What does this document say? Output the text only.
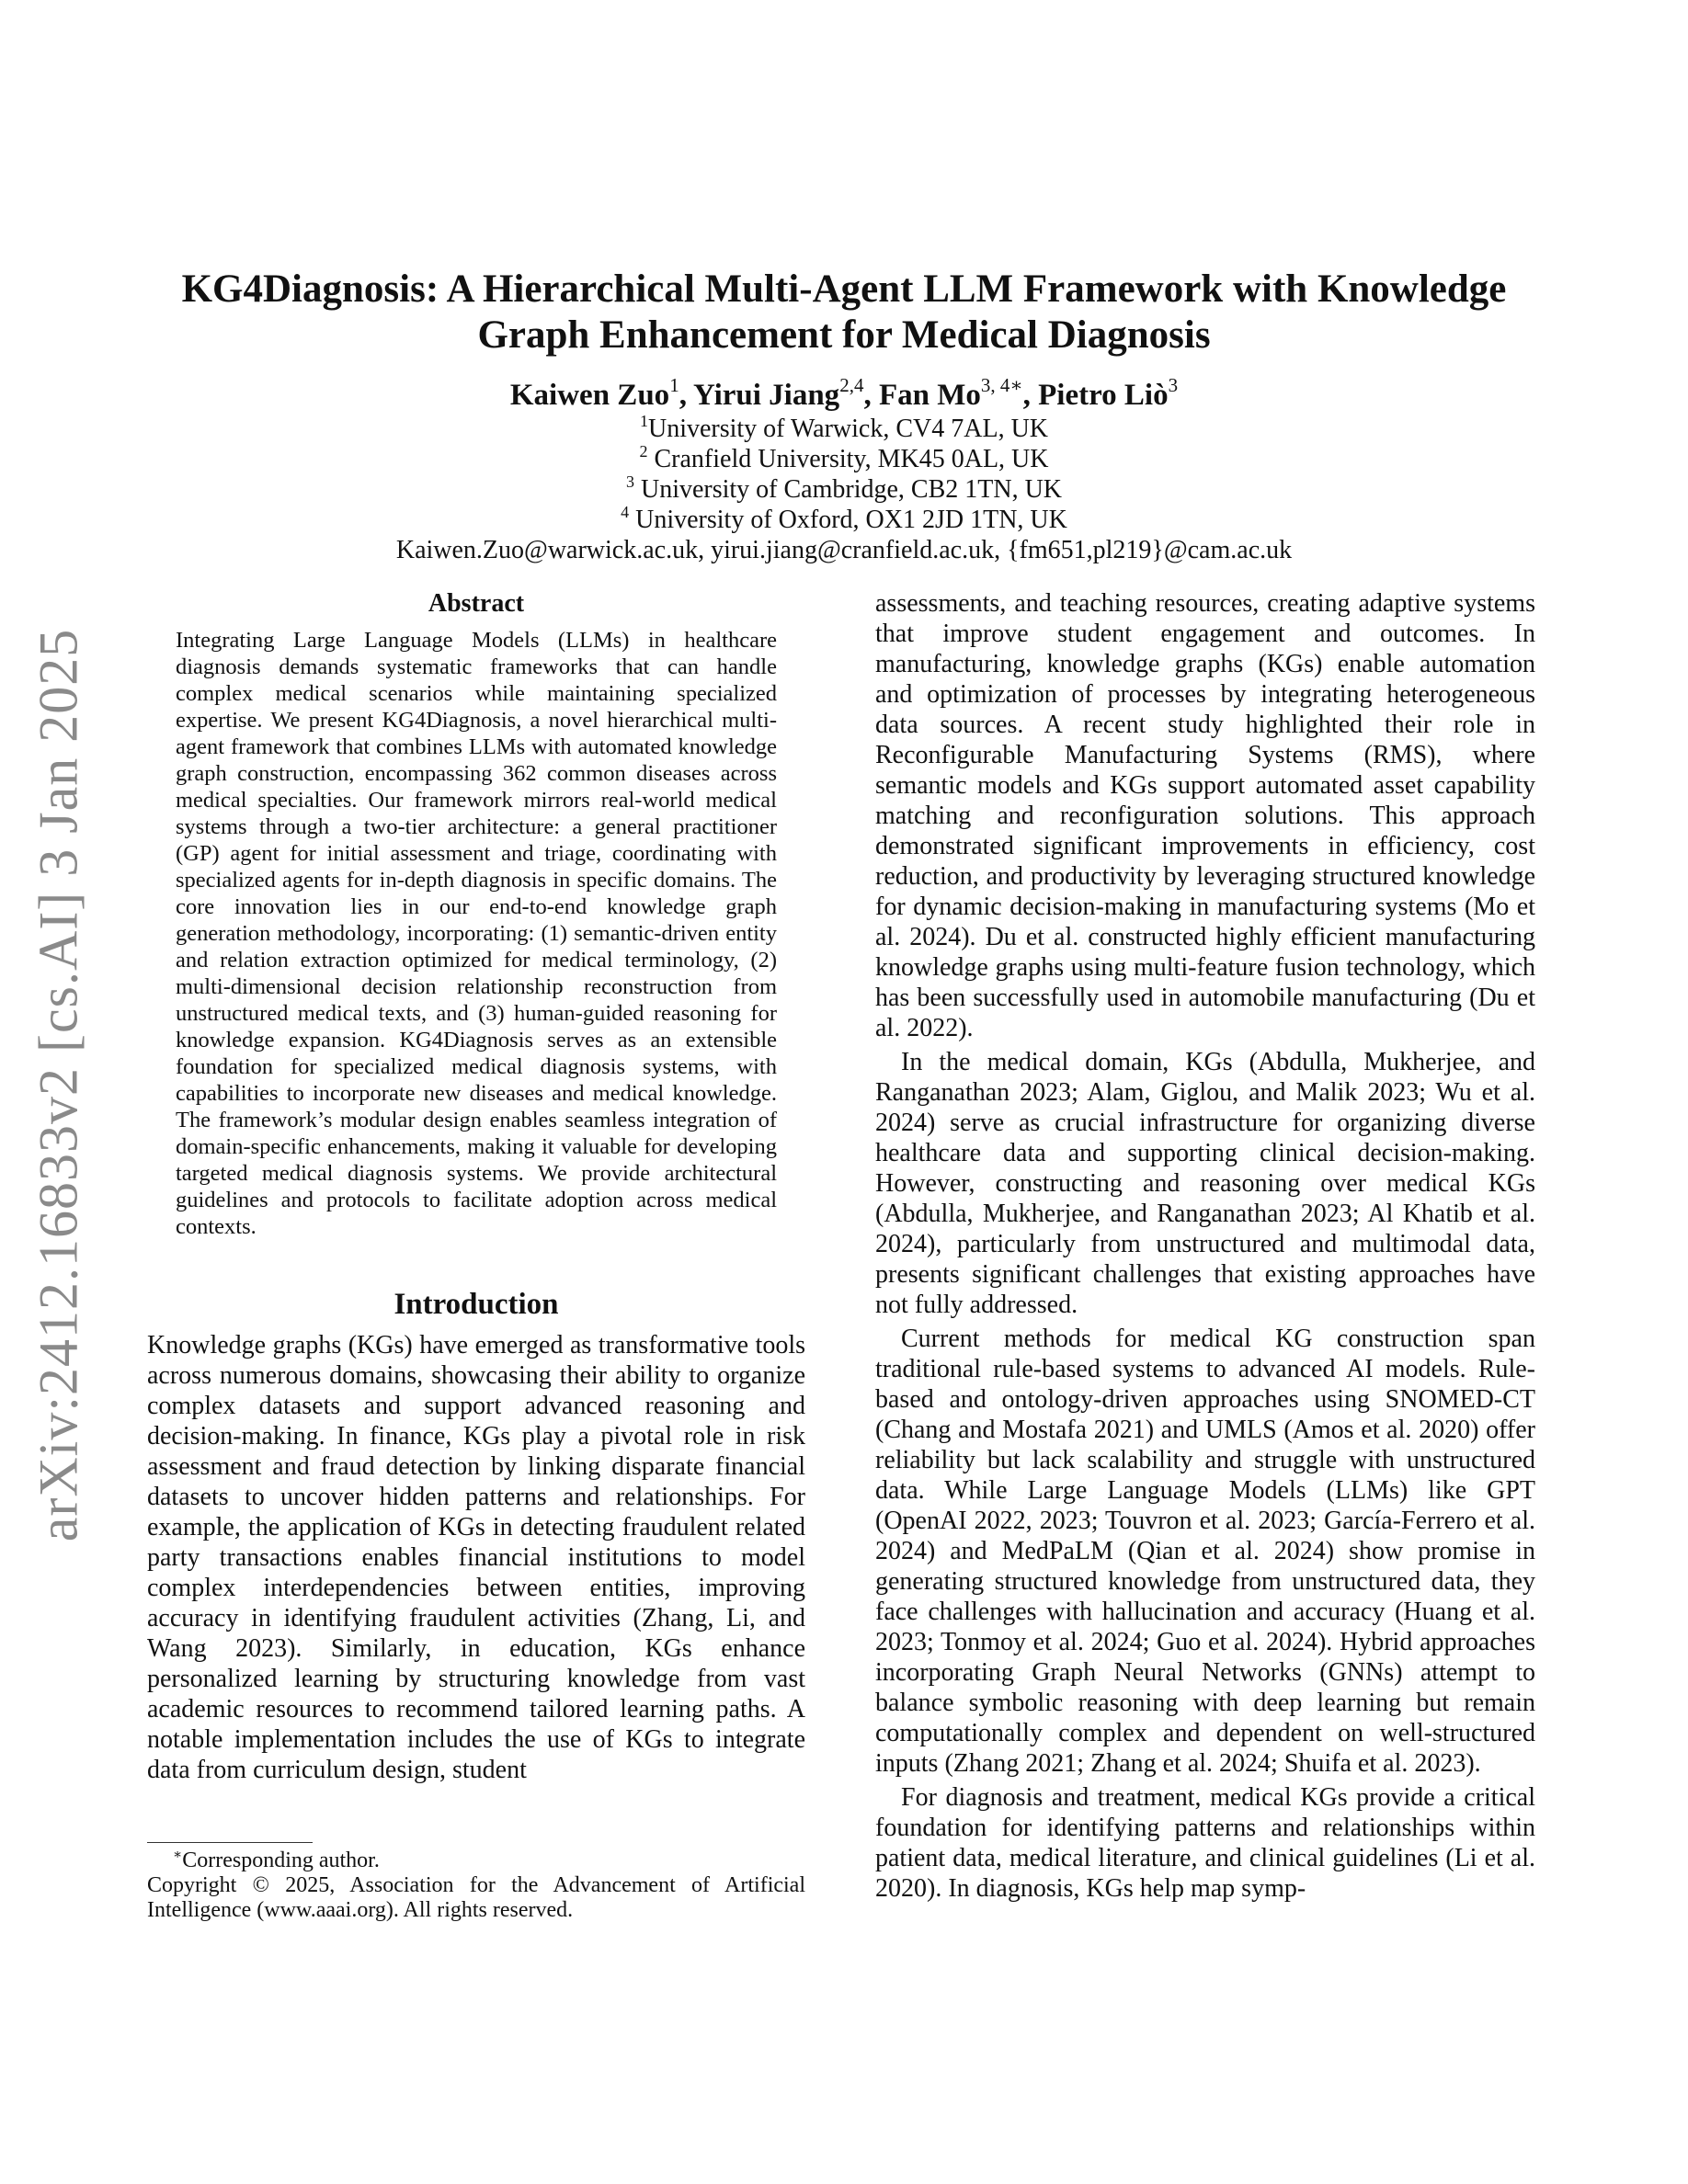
arXiv:2412.16833v2 [cs.AI] 3 Jan 2025
KG4Diagnosis: A Hierarchical Multi-Agent LLM Framework with Knowledge
Graph Enhancement for Medical Diagnosis
Kaiwen Zuo$^1$, Yirui Jiang$^{2,4}$, Fan $Mo^{3, 4∗}$, Pietro Liò$^3$
$^1$University of Warwick, CV4 7AL, UK
$^2$ Cranfield University, MK45 0AL, UK
$^3$ University of Cambridge, CB2 1TN, UK
$^4$ University of Oxford, OX1 2JD 1TN, UK
Kaiwen.Zuo@warwick.ac.uk, yirui.jiang@cranfield.ac.uk, {fm651,pl219}@cam.ac.uk
Abstract

Integrating Large Language Models (LLMs) in healthcare diagnosis demands systematic frameworks that can handle complex medical scenarios while maintaining specialized expertise. We present KG4Diagnosis, a novel hierarchical multi-agent framework that combines LLMs with automated knowledge graph construction, encompassing 362 common diseases across medical specialties. Our framework mirrors real-world medical systems through a two-tier architecture: a general practitioner (GP) agent for initial assessment and triage, coordinating with specialized agents for in-depth diagnosis in specific domains. The core innovation lies in our end-to-end knowledge graph generation methodology, incorporating: (1) semantic-driven entity and relation extraction optimized for medical terminology, (2) multi-dimensional decision relationship reconstruction from unstructured medical texts, and (3) human-guided reasoning for knowledge expansion. KG4Diagnosis serves as an extensible foundation for specialized medical diagnosis systems, with capabilities to incorporate new diseases and medical knowledge. The framework’s modular design enables seamless integration of domain-specific enhancements, making it valuable for developing targeted medical diagnosis systems. We provide architectural guidelines and protocols to facilitate adoption across medical contexts.

Introduction

Knowledge graphs (KGs) have emerged as transformative tools across numerous domains, showcasing their ability to organize complex datasets and support advanced reasoning and decision-making. In finance, KGs play a pivotal role in risk assessment and fraud detection by linking disparate financial datasets to uncover hidden patterns and relationships. For example, the application of KGs in detecting fraudulent related party transactions enables financial institutions to model complex interdependencies between entities, improving accuracy in identifying fraudulent activities (Zhang, Li, and Wang 2023). Similarly, in education, KGs enhance personalized learning by structuring knowledge from vast academic resources to recommend tailored learning paths. A notable implementation includes the use of KGs to integrate data from curriculum design, student

∗Corresponding author.

Copyright © 2025, Association for the Advancement of Artificial Intelligence (www.aaai.org). All rights reserved.

assessments, and teaching resources, creating adaptive systems that improve student engagement and outcomes. In manufacturing, knowledge graphs (KGs) enable automation and optimization of processes by integrating heterogeneous data sources. A recent study highlighted their role in Reconfigurable Manufacturing Systems (RMS), where semantic models and KGs support automated asset capability matching and reconfiguration solutions. This approach demonstrated significant improvements in efficiency, cost reduction, and productivity by leveraging structured knowledge for dynamic decision-making in manufacturing systems (Mo et al. 2024). Du et al. constructed highly efficient manufacturing knowledge graphs using multi-feature fusion technology, which has been successfully used in automobile manufacturing (Du et al. 2022).

In the medical domain, KGs (Abdulla, Mukherjee, and Ranganathan 2023; Alam, Giglou, and Malik 2023; Wu et al. 2024) serve as crucial infrastructure for organizing diverse healthcare data and supporting clinical decision-making. However, constructing and reasoning over medical KGs (Abdulla, Mukherjee, and Ranganathan 2023; Al Khatib et al. 2024), particularly from unstructured and multimodal data, presents significant challenges that existing approaches have not fully addressed.

Current methods for medical KG construction span traditional rule-based systems to advanced AI models. Rule-based and ontology-driven approaches using SNOMED-CT (Chang and Mostafa 2021) and UMLS (Amos et al. 2020) offer reliability but lack scalability and struggle with unstructured data. While Large Language Models (LLMs) like GPT (OpenAI 2022, 2023; Touvron et al. 2023; García-Ferrero et al. 2024) and MedPaLM (Qian et al. 2024) show promise in generating structured knowledge from unstructured data, they face challenges with hallucination and accuracy (Huang et al. 2023; Tonmoy et al. 2024; Guo et al. 2024). Hybrid approaches incorporating Graph Neural Networks (GNNs) attempt to balance symbolic reasoning with deep learning but remain computationally complex and dependent on well-structured inputs (Zhang 2021; Zhang et al. 2024; Shuifa et al. 2023).

For diagnosis and treatment, medical KGs provide a critical foundation for identifying patterns and relationships within patient data, medical literature, and clinical guidelines (Li et al. 2020). In diagnosis, KGs help map symp-
